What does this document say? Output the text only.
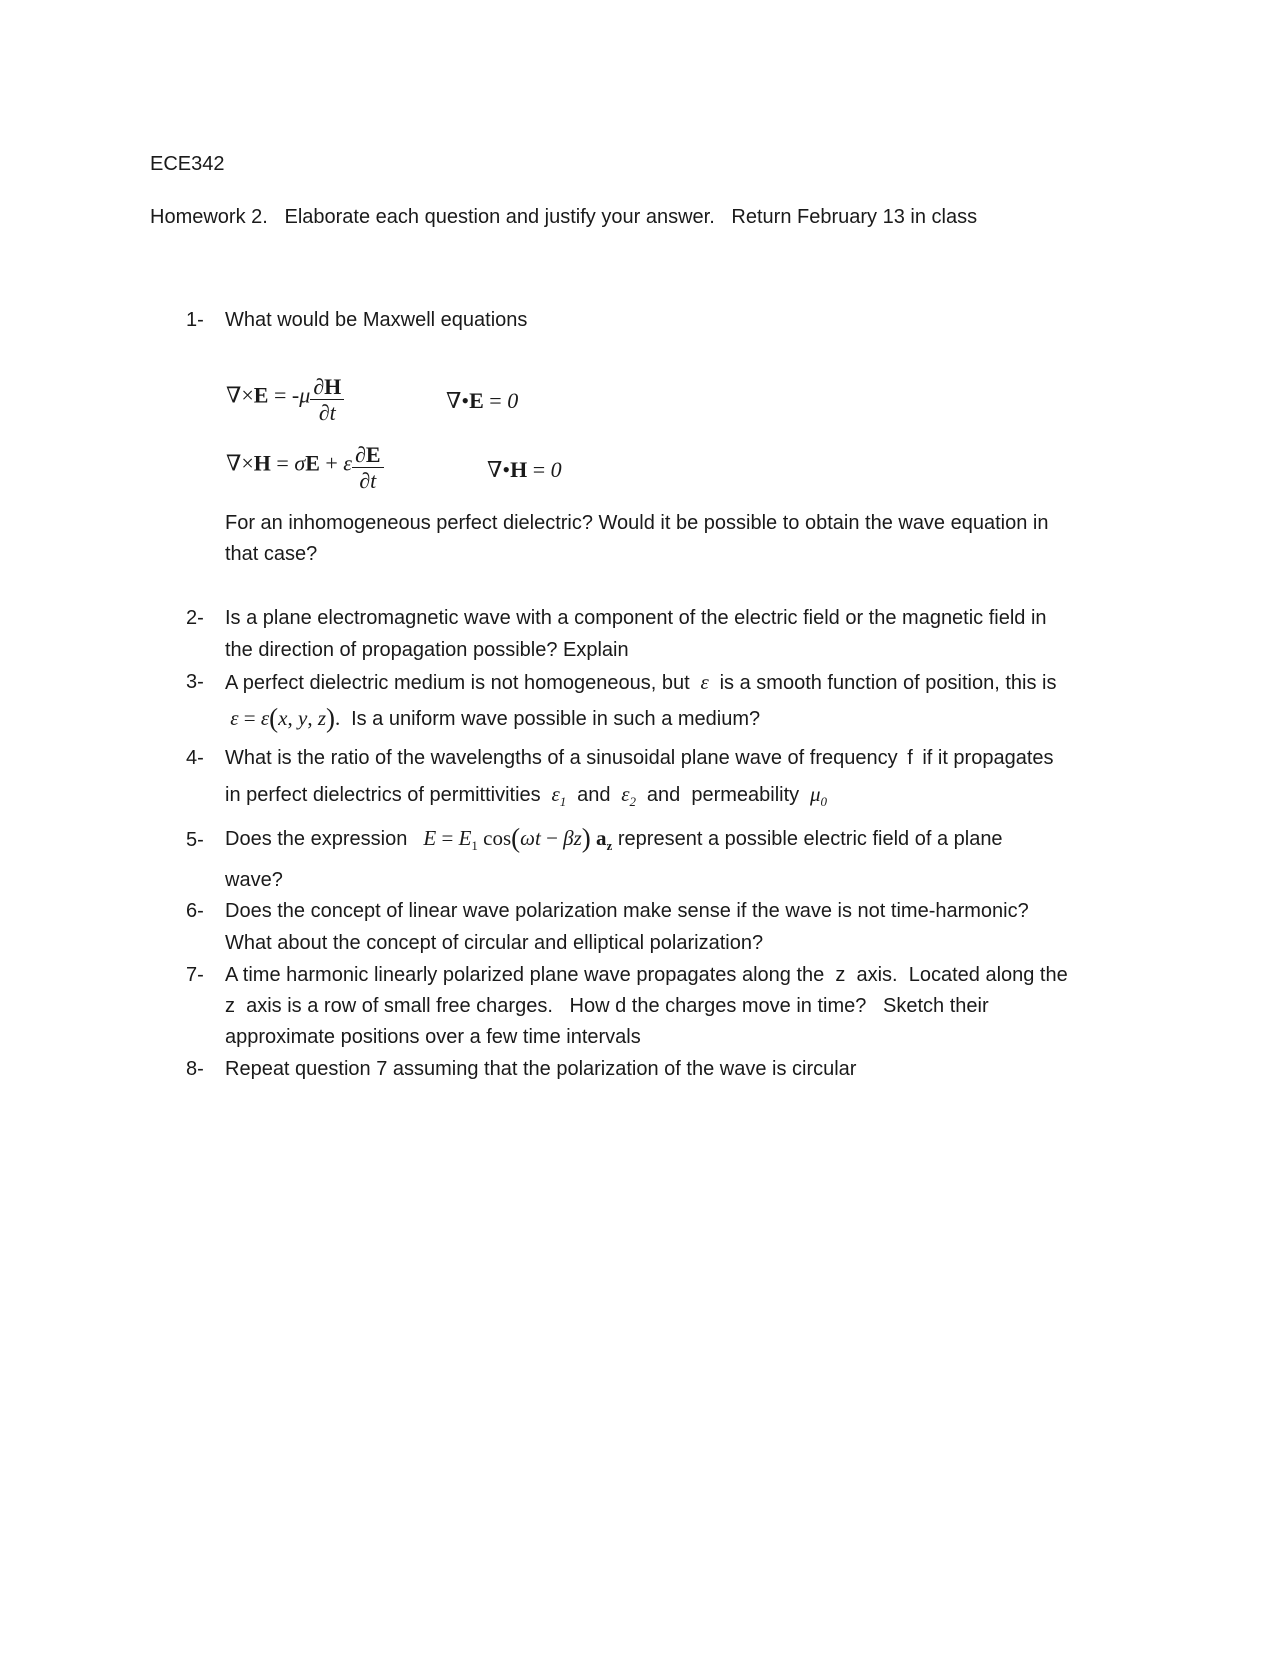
ECE342
Homework 2.   Elaborate each question and justify your answer.   Return February 13 in class
1- What would be Maxwell equations
$\nabla\times E = -\mu \frac{\partial H}{\partial t}$	∇•E = 0
∇×H = σE + ε $\frac{\partial E}{\partial t}$	∇•H = 0
For an inhomogeneous perfect dielectric? Would it be possible to obtain the wave equation in
that case?
2- Is a plane electromagnetic wave with a component of the electric field or the magnetic field in
the direction of propagation possible? Explain
3- A perfect dielectric medium is not homogeneous, but  ε  is a smooth function of position, this is
ε = ε(x, y, z).  Is a uniform wave possible in such a medium?
4- What is the ratio of the wavelengths of a sinusoidal plane wave of frequency f if it propagates
in perfect dielectrics of permittivities  $\varepsilon_1$ and  $\varepsilon_2$ and  permeability  $\mu_0$
5- Does the expression $E = E_1$ cos(ωt − βz) $a_z$ represent a possible electric field of a plane
wave?
6- Does the concept of linear wave polarization make sense if the wave is not time-harmonic?
What about the concept of circular and elliptical polarization?
7- A time harmonic linearly polarized plane wave propagates along the  z  axis.  Located along the
z  axis is a row of small free charges.   How d the charges move in time?   Sketch their
approximate positions over a few time intervals
8- Repeat question 7 assuming that the polarization of the wave is circular
